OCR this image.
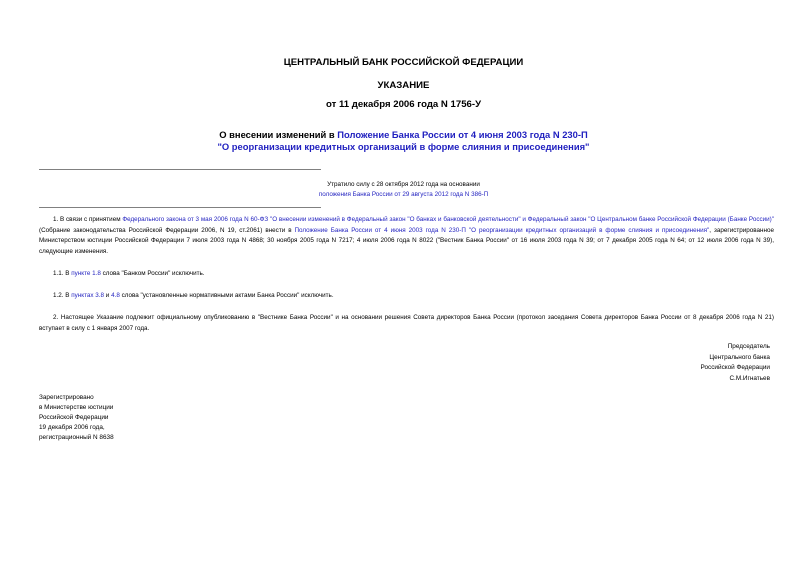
ЦЕНТРАЛЬНЫЙ БАНК РОССИЙСКОЙ ФЕДЕРАЦИИ
УКАЗАНИЕ
от 11 декабря 2006 года N 1756-У
О внесении изменений в Положение Банка России от 4 июня 2003 года N 230-П
"О реорганизации кредитных организаций в форме слияния и присоединения"
Утратило силу с 28 октября 2012 года на основании
положения Банка России от 29 августа 2012 года N 386-П
1. В связи с принятием Федерального закона от 3 мая 2006 года N 60-ФЗ "О внесении изменений в Федеральный закон "О банках и банковской деятельности" и Федеральный закон "О Центральном банке Российской Федерации (Банке России)" (Собрание законодательства Российской Федерации 2006, N 19, ст.2061) внести в Положение Банка России от 4 июня 2003 года N 230-П "О реорганизации кредитных организаций в форме слияния и присоединения", зарегистрированное Министерством юстиции Российской Федерации 7 июля 2003 года N 4868; 30 ноября 2005 года N 7217; 4 июля 2006 года N 8022 ("Вестник Банка России" от 16 июля 2003 года N 39; от 7 декабря 2005 года N 64; от 12 июля 2006 года N 39), следующие изменения.
1.1. В пункте 1.8 слова "Банком России" исключить.
1.2. В пунктах 3.8 и 4.8 слова "установленные нормативными актами Банка России" исключить.
2. Настоящее Указание подлежит официальному опубликованию в "Вестнике Банка России" и на основании решения Совета директоров Банка России (протокол заседания Совета директоров Банка России от 8 декабря 2006 года N 21) вступает в силу с 1 января 2007 года.
Председатель
Центрального банка
Российской Федерации
С.М.Игнатьев
Зарегистрировано
в Министерстве юстиции
Российской Федерации
19 декабря 2006 года,
регистрационный N 8638
